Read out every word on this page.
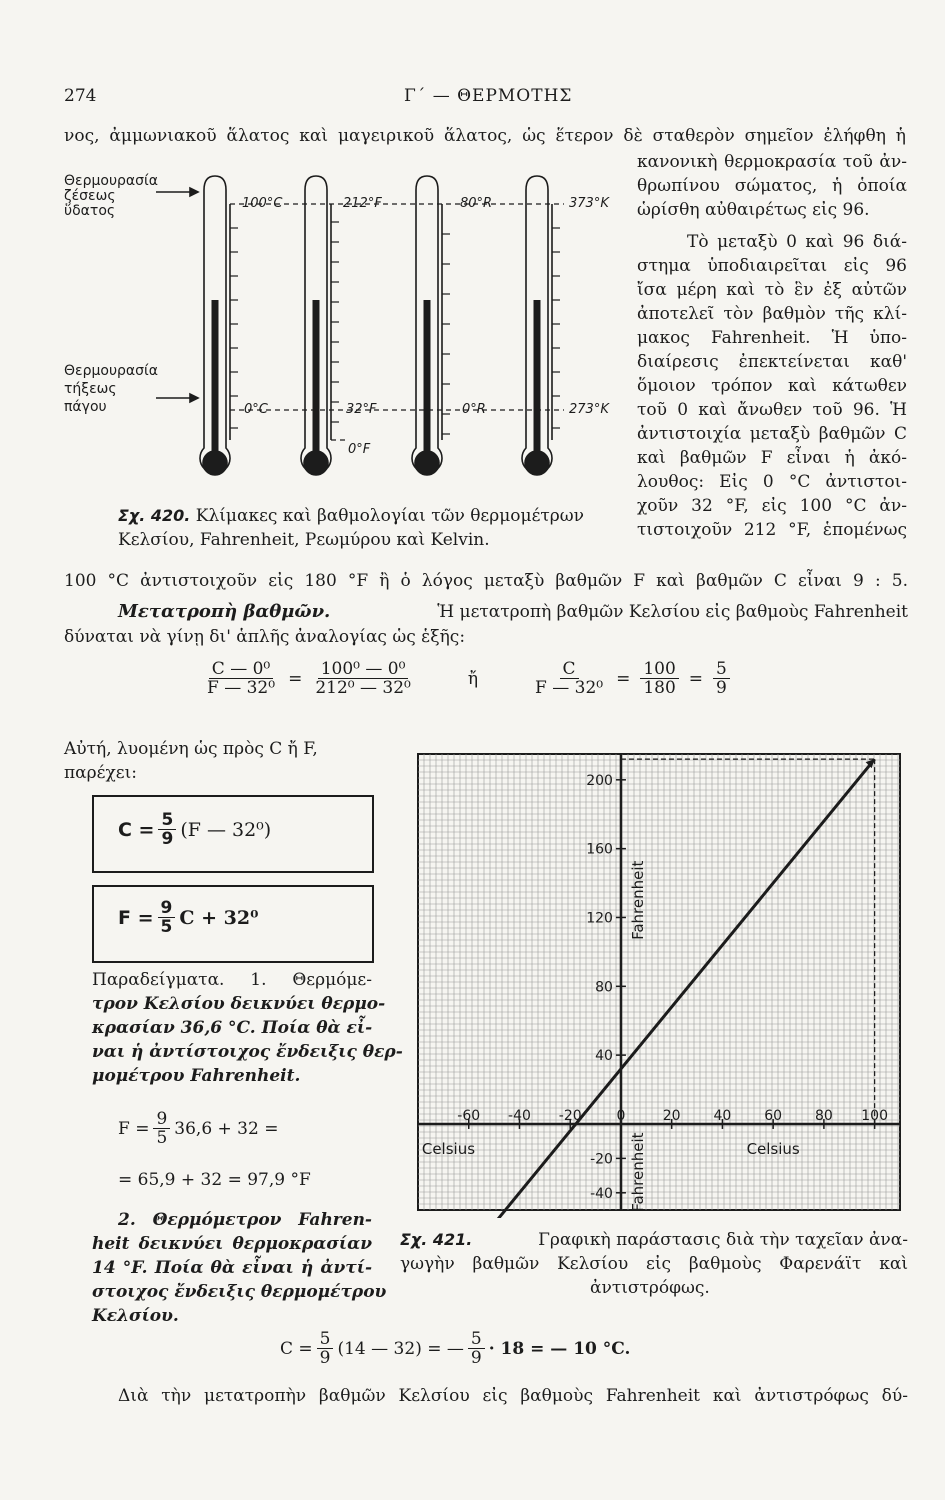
274	Γ΄ — ΘΕΡΜΟΤΗΣ
νος, ἀμμωνιακοῦ ἅλατος καὶ μαγειρικοῦ ἅλατος, ὡς ἕτερον δὲ σταθερὸν σημεῖον ἐλήφθη ἡ
κανονικὴ θερμοκρασία τοῦ ἀν-
θρωπίνου σώματος, ἡ ὁποία
ὡρίσθη αὐθαιρέτως εἰς 96.
Τὸ μεταξὺ 0 καὶ 96 διά-
στημα ὑποδιαιρεῖται εἰς 96
ἴσα μέρη καὶ τὸ ἓν ἐξ αὐτῶν
ἀποτελεῖ τὸν βαθμὸν τῆς κλί-
μακος Fahrenheit. Ἡ ὑπο-
διαίρεσις ἐπεκτείνεται καθ'
ὅμοιον τρόπον καὶ κάτωθεν
τοῦ 0 καὶ ἄνωθεν τοῦ 96. Ἡ
ἀντιστοιχία μεταξὺ βαθμῶν C
καὶ βαθμῶν F εἶναι ἡ ἀκό-
λουθος: Εἰς 0 °C ἀντιστοι-
χοῦν 32 °F, εἰς 100 °C ἀν-
τιστοιχοῦν 212 °F, ἑπομένως
Θερμουρασία
ζέσεως
ὕδατος
Θερμουρασία
τήξεως
πάγου
100°C	212°F	80°R	373°K
0°C	32°F	0°R	273°K
0°F
Σχ. 420. Κλίμακες καὶ βαθμολογίαι τῶν θερμομέτρων
Κελσίου, Fahrenheit, Ρεωμύρου καὶ Kelvin.
100 °C ἀντιστοιχοῦν εἰς 180 °F ἢ ὁ λόγος μεταξὺ βαθμῶν F καὶ βαθμῶν C εἶναι 9 : 5.
Μετατροπὴ βαθμῶν.	Ἡ μετατροπὴ βαθμῶν Κελσίου εἰς βαθμοὺς Fahrenheit
δύναται νὰ γίνῃ δι' ἁπλῆς ἀναλογίας ὡς ἑξῆς:
$\frac{\text{C — 0⁰}}{\text{F — 32⁰}} = \frac{\text{100⁰ — 0⁰}}{\text{212⁰ — 32⁰}}$	ἤ	$\frac{C}{\text{F — 32⁰}} = \frac{100}{180} = \frac{5}{9}$
Αὐτή, λυομένη ὡς πρὸς C ἤ F,
παρέχει:
$C = \frac{5}{9} (F$ — 32⁰)
$F = \frac{9}{5}$ C + 32⁰
Παραδείγματα. 1. Θερμόμε-
τρον Κελσίου δεικνύει θερμο-
κρασίαν 36,6 °C. Ποία θὰ εἶ-
ναι ἡ ἀντίστοιχος ἔνδειξις θερ-
μομέτρου Fahrenheit.
$F = \frac{9}{5} 36,6 + 32$ =
= 65,9 + 32 = 97,9 °F
2. Θερμόμετρον Fahren-
heit δεικνύει θερμοκρασίαν
14 °F. Ποία θὰ εἶναι ἡ ἀντί-
στοιχος ἔνδειξις θερμομέτρου
Κελσίου.
$C = \frac{5}{9} (14$ — 32) = — $\frac{5}{9} \cdot 18$ = — 10 °C.
-60 -40 -20 0	20 40 60 80 100
200
160
120
80
40
-40
-20
Celsius	Celsius
Fahrenheit
Fahrenheit
Σχ. 421.	Γραφικὴ παράστασις διὰ τὴν ταχεῖαν ἀνα-
γωγὴν βαθμῶν Κελσίου εἰς βαθμοὺς Φαρενάϊτ καὶ
ἀντιστρόφως.
Διὰ τὴν μετατροπὴν βαθμῶν Κελσίου εἰς βαθμοὺς Fahrenheit καὶ ἀντιστρόφως δύ-
